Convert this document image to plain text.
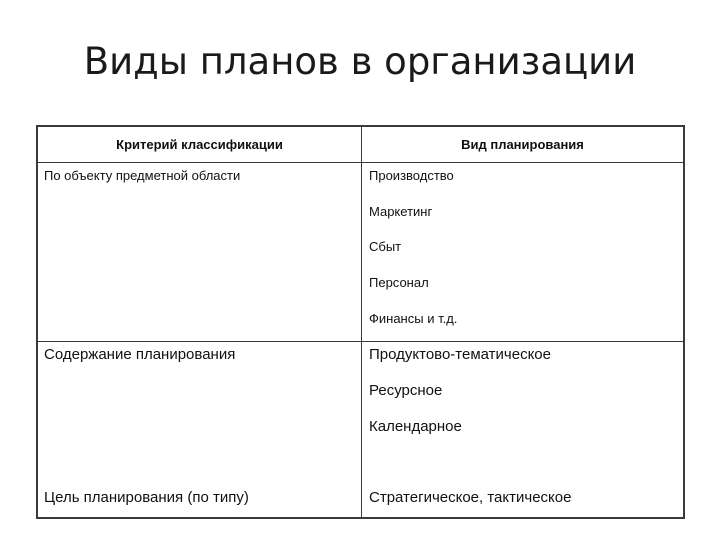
Виды планов в организации
Критерий классификации	Вид планирования
По объекту предметной области	Производство
Маркетинг
Сбыт
Персонал
Финансы и т.д.
Содержание планирования	Продуктово-тематическое
Ресурсное
Календарное
Цель планирования (по типу)	Стратегическое, тактическое
